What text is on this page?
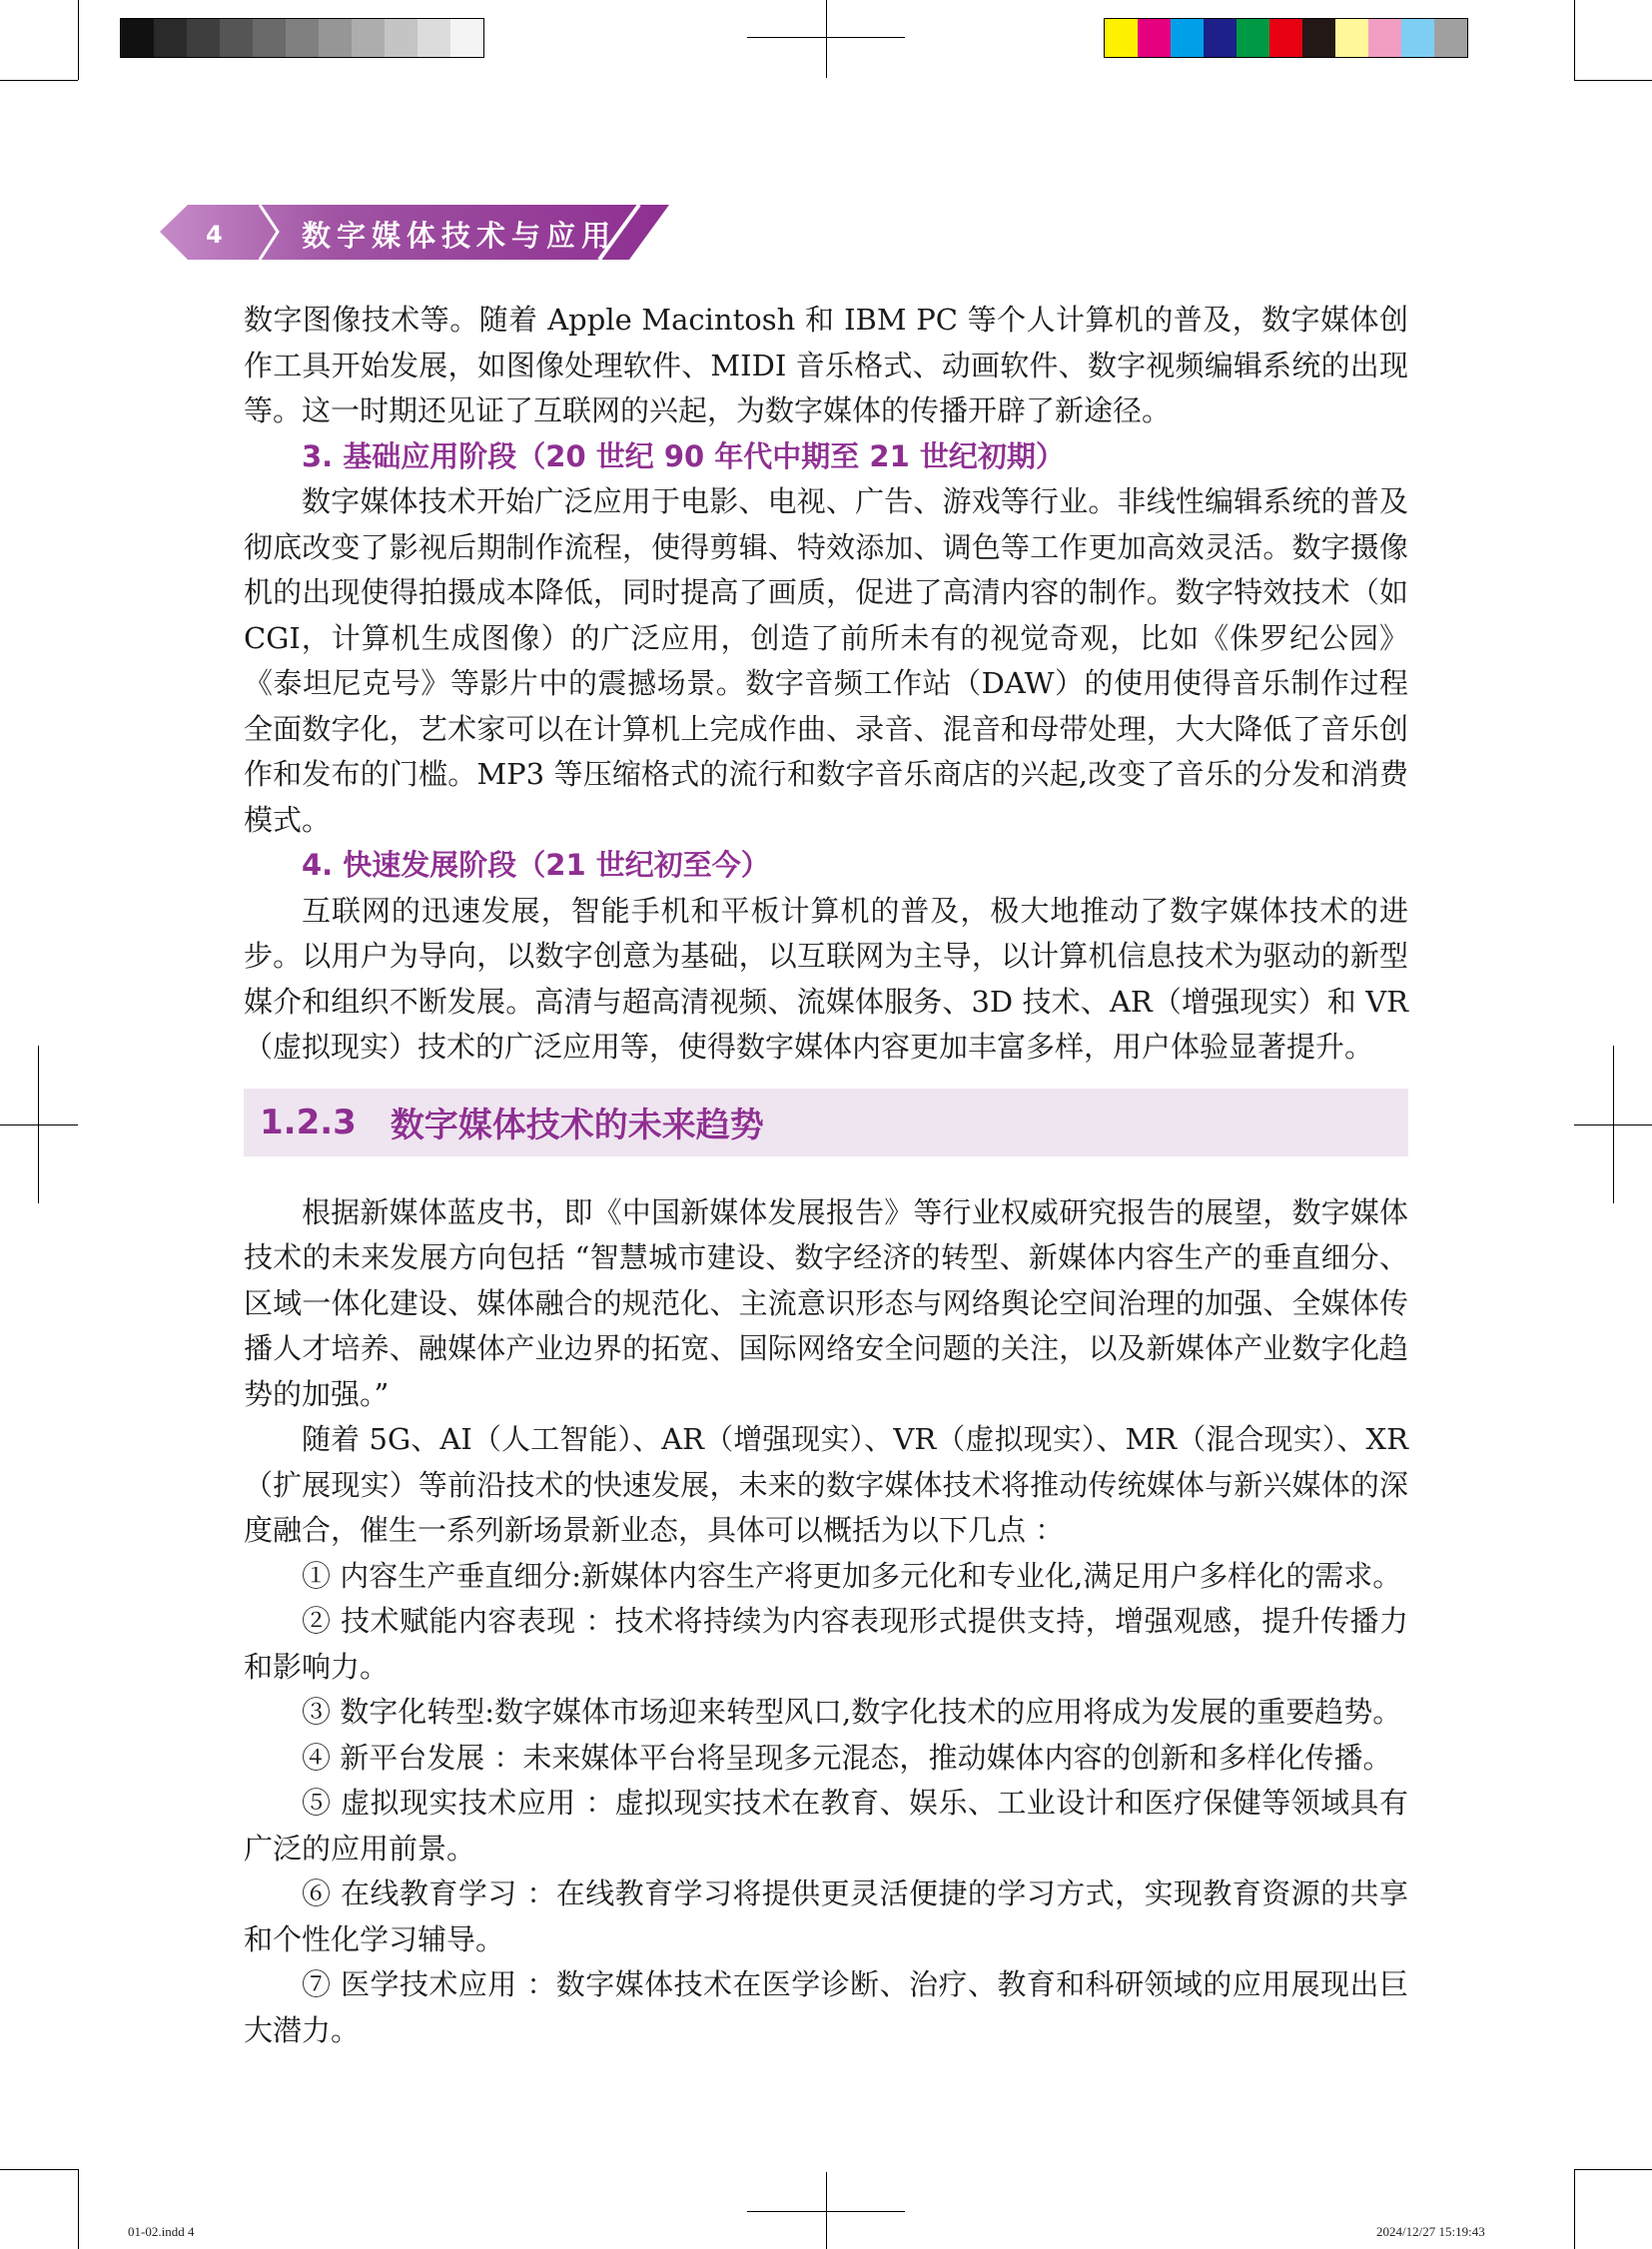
4	数字媒体技术与应用

数字图像技术等。随着 Apple Macintosh 和 IBM PC 等个人计算机的普及，数字媒体创作工具开始发展，如图像处理软件、MIDI 音乐格式、动画软件、数字视频编辑系统的出现等。这一时期还见证了互联网的兴起，为数字媒体的传播开辟了新途径。

3. 基础应用阶段（20 世纪 90 年代中期至 21 世纪初期）

数字媒体技术开始广泛应用于电影、电视、广告、游戏等行业。非线性编辑系统的普及彻底改变了影视后期制作流程，使得剪辑、特效添加、调色等工作更加高效灵活。数字摄像机的出现使得拍摄成本降低，同时提高了画质，促进了高清内容的制作。数字特效技术（如 CGI，计算机生成图像）的广泛应用，创造了前所未有的视觉奇观，比如《侏罗纪公园》《泰坦尼克号》等影片中的震撼场景。数字音频工作站（DAW）的使用使得音乐制作过程全面数字化，艺术家可以在计算机上完成作曲、录音、混音和母带处理，大大降低了音乐创作和发布的门槛。MP3 等压缩格式的流行和数字音乐商店的兴起,改变了音乐的分发和消费模式。

4. 快速发展阶段（21 世纪初至今）

互联网的迅速发展，智能手机和平板计算机的普及，极大地推动了数字媒体技术的进步。以用户为导向，以数字创意为基础，以互联网为主导，以计算机信息技术为驱动的新型媒介和组织不断发展。高清与超高清视频、流媒体服务、3D 技术、AR（增强现实）和 VR（虚拟现实）技术的广泛应用等，使得数字媒体内容更加丰富多样，用户体验显著提升。

1.2.3 数字媒体技术的未来趋势

根据新媒体蓝皮书，即《中国新媒体发展报告》等行业权威研究报告的展望，数字媒体技术的未来发展方向包括 “智慧城市建设、数字经济的转型、新媒体内容生产的垂直细分、区域一体化建设、媒体融合的规范化、主流意识形态与网络舆论空间治理的加强、全媒体传播人才培养、融媒体产业边界的拓宽、国际网络安全问题的关注，以及新媒体产业数字化趋势的加强。”

随着 5G、AI（人工智能）、AR（增强现实）、VR（虚拟现实）、MR（混合现实）、XR（扩展现实）等前沿技术的快速发展，未来的数字媒体技术将推动传统媒体与新兴媒体的深度融合，催生一系列新场景新业态，具体可以概括为以下几点 ：

① 内容生产垂直细分:新媒体内容生产将更加多元化和专业化,满足用户多样化的需求。

② 技术赋能内容表现 ：技术将持续为内容表现形式提供支持，增强观感，提升传播力和影响力。

③ 数字化转型:数字媒体市场迎来转型风口,数字化技术的应用将成为发展的重要趋势。

④ 新平台发展 ：未来媒体平台将呈现多元混态，推动媒体内容的创新和多样化传播。

⑤ 虚拟现实技术应用 ：虚拟现实技术在教育、娱乐、工业设计和医疗保健等领域具有广泛的应用前景。

⑥ 在线教育学习 ：在线教育学习将提供更灵活便捷的学习方式，实现教育资源的共享和个性化学习辅导。

⑦ 医学技术应用 ：数字媒体技术在医学诊断、治疗、教育和科研领域的应用展现出巨大潜力。

01-02.indd 4	2024/12/27 15:19:43
